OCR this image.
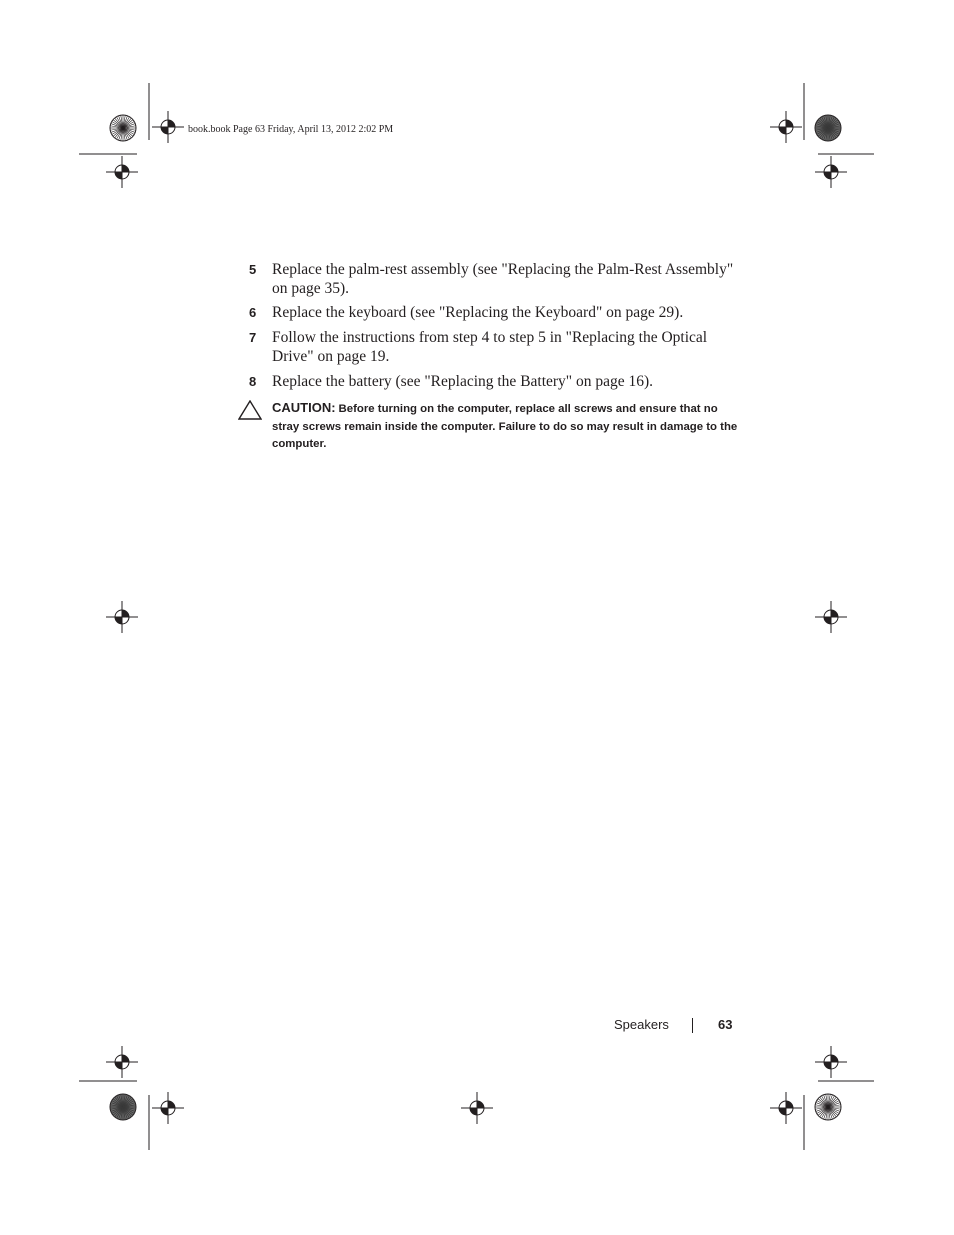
book.book Page 63 Friday, April 13, 2012 2:02 PM
5 Replace the palm-rest assembly (see "Replacing the Palm-Rest Assembly" on page 35).
6 Replace the keyboard (see "Replacing the Keyboard" on page 29).
7 Follow the instructions from step 4 to step 5 in "Replacing the Optical Drive" on page 19.
8 Replace the battery (see "Replacing the Battery" on page 16).
CAUTION: Before turning on the computer, replace all screws and ensure that no stray screws remain inside the computer. Failure to do so may result in damage to the computer.
Speakers	63
